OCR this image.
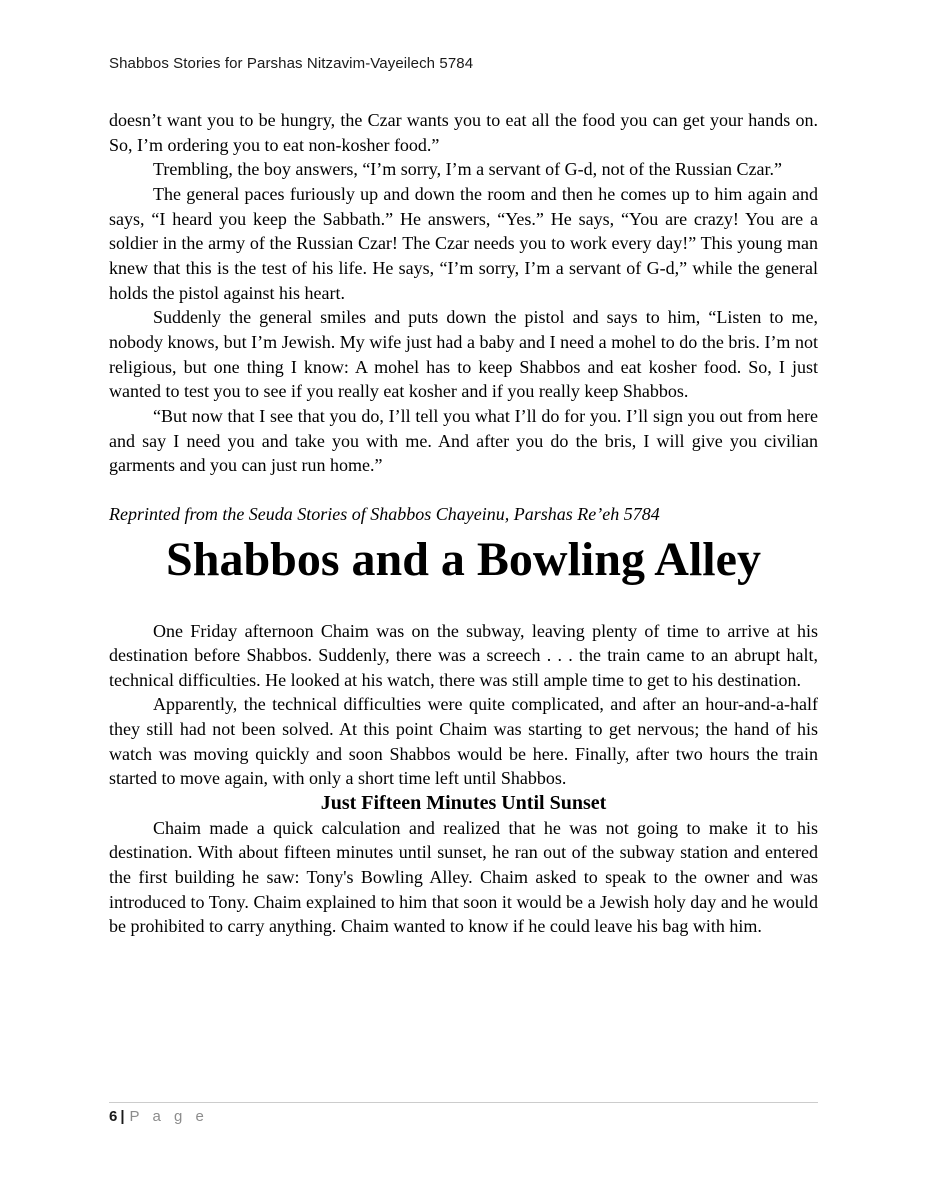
Shabbos Stories for Parshas Nitzavim-Vayeilech 5784

doesn’t want you to be hungry, the Czar wants you to eat all the food you can get your hands on. So, I’m ordering you to eat non-kosher food.”

Trembling, the boy answers, “I’m sorry, I’m a servant of G-d, not of the Russian Czar.”

The general paces furiously up and down the room and then he comes up to him again and says, “I heard you keep the Sabbath.” He answers, “Yes.” He says, “You are crazy! You are a soldier in the army of the Russian Czar! The Czar needs you to work every day!” This young man knew that this is the test of his life. He says, “I’m sorry, I’m a servant of G-d,” while the general holds the pistol against his heart.

Suddenly the general smiles and puts down the pistol and says to him, “Listen to me, nobody knows, but I’m Jewish. My wife just had a baby and I need a mohel to do the bris. I’m not religious, but one thing I know: A mohel has to keep Shabbos and eat kosher food. So, I just wanted to test you to see if you really eat kosher and if you really keep Shabbos.

“But now that I see that you do, I’ll tell you what I’ll do for you. I’ll sign you out from here and say I need you and take you with me. And after you do the bris, I will give you civilian garments and you can just run home.”

Reprinted from the Seuda Stories of Shabbos Chayeinu, Parshas Re’eh 5784

Shabbos and a Bowling Alley

One Friday afternoon Chaim was on the subway, leaving plenty of time to arrive at his destination before Shabbos. Suddenly, there was a screech . . . the train came to an abrupt halt, technical difficulties. He looked at his watch, there was still ample time to get to his destination.

Apparently, the technical difficulties were quite complicated, and after an hour-and-a-half they still had not been solved. At this point Chaim was starting to get nervous; the hand of his watch was moving quickly and soon Shabbos would be here. Finally, after two hours the train started to move again, with only a short time left until Shabbos.

Just Fifteen Minutes Until Sunset

Chaim made a quick calculation and realized that he was not going to make it to his destination. With about fifteen minutes until sunset, he ran out of the subway station and entered the first building he saw: Tony's Bowling Alley. Chaim asked to speak to the owner and was introduced to Tony. Chaim explained to him that soon it would be a Jewish holy day and he would be prohibited to carry anything. Chaim wanted to know if he could leave his bag with him.

6 | P a g e
